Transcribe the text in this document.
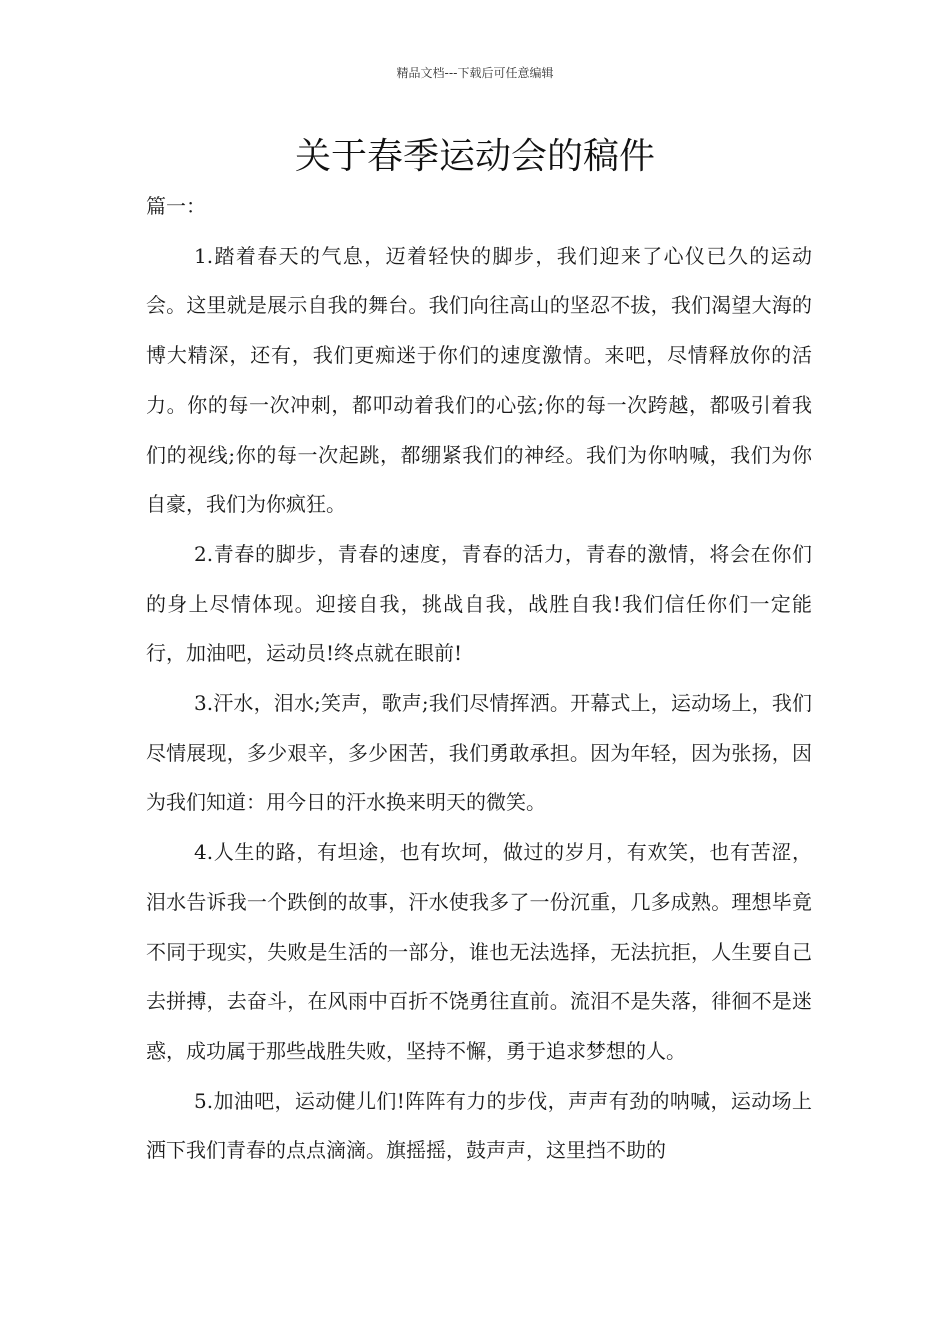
精品文档---下载后可任意编辑
关于春季运动会的稿件

篇一：

1.踏着春天的气息，迈着轻快的脚步，我们迎来了心仪已久的运动会。这里就是展示自我的舞台。我们向往高山的坚忍不拔，我们渴望大海的博大精深，还有，我们更痴迷于你们的速度激情。来吧，尽情释放你的活力。你的每一次冲刺，都叩动着我们的心弦;你的每一次跨越，都吸引着我们的视线;你的每一次起跳，都绷紧我们的神经。我们为你呐喊，我们为你自豪，我们为你疯狂。

2.青春的脚步，青春的速度，青春的活力，青春的激情，将会在你们的身上尽情体现。迎接自我，挑战自我，战胜自我!我们信任你们一定能行，加油吧，运动员!终点就在眼前!

3.汗水，泪水;笑声，歌声;我们尽情挥洒。开幕式上，运动场上，我们尽情展现，多少艰辛，多少困苦，我们勇敢承担。因为年轻，因为张扬，因为我们知道：用今日的汗水换来明天的微笑。

4.人生的路，有坦途，也有坎坷，做过的岁月，有欢笑，也有苦涩，泪水告诉我一个跌倒的故事，汗水使我多了一份沉重，几多成熟。理想毕竟不同于现实，失败是生活的一部分，谁也无法选择，无法抗拒，人生要自己去拼搏，去奋斗，在风雨中百折不饶勇往直前。流泪不是失落，徘徊不是迷惑，成功属于那些战胜失败，坚持不懈，勇于追求梦想的人。

5.加油吧，运动健儿们!阵阵有力的步伐，声声有劲的呐喊，运动场上洒下我们青春的点点滴滴。旗摇摇，鼓声声，这里挡不助的
